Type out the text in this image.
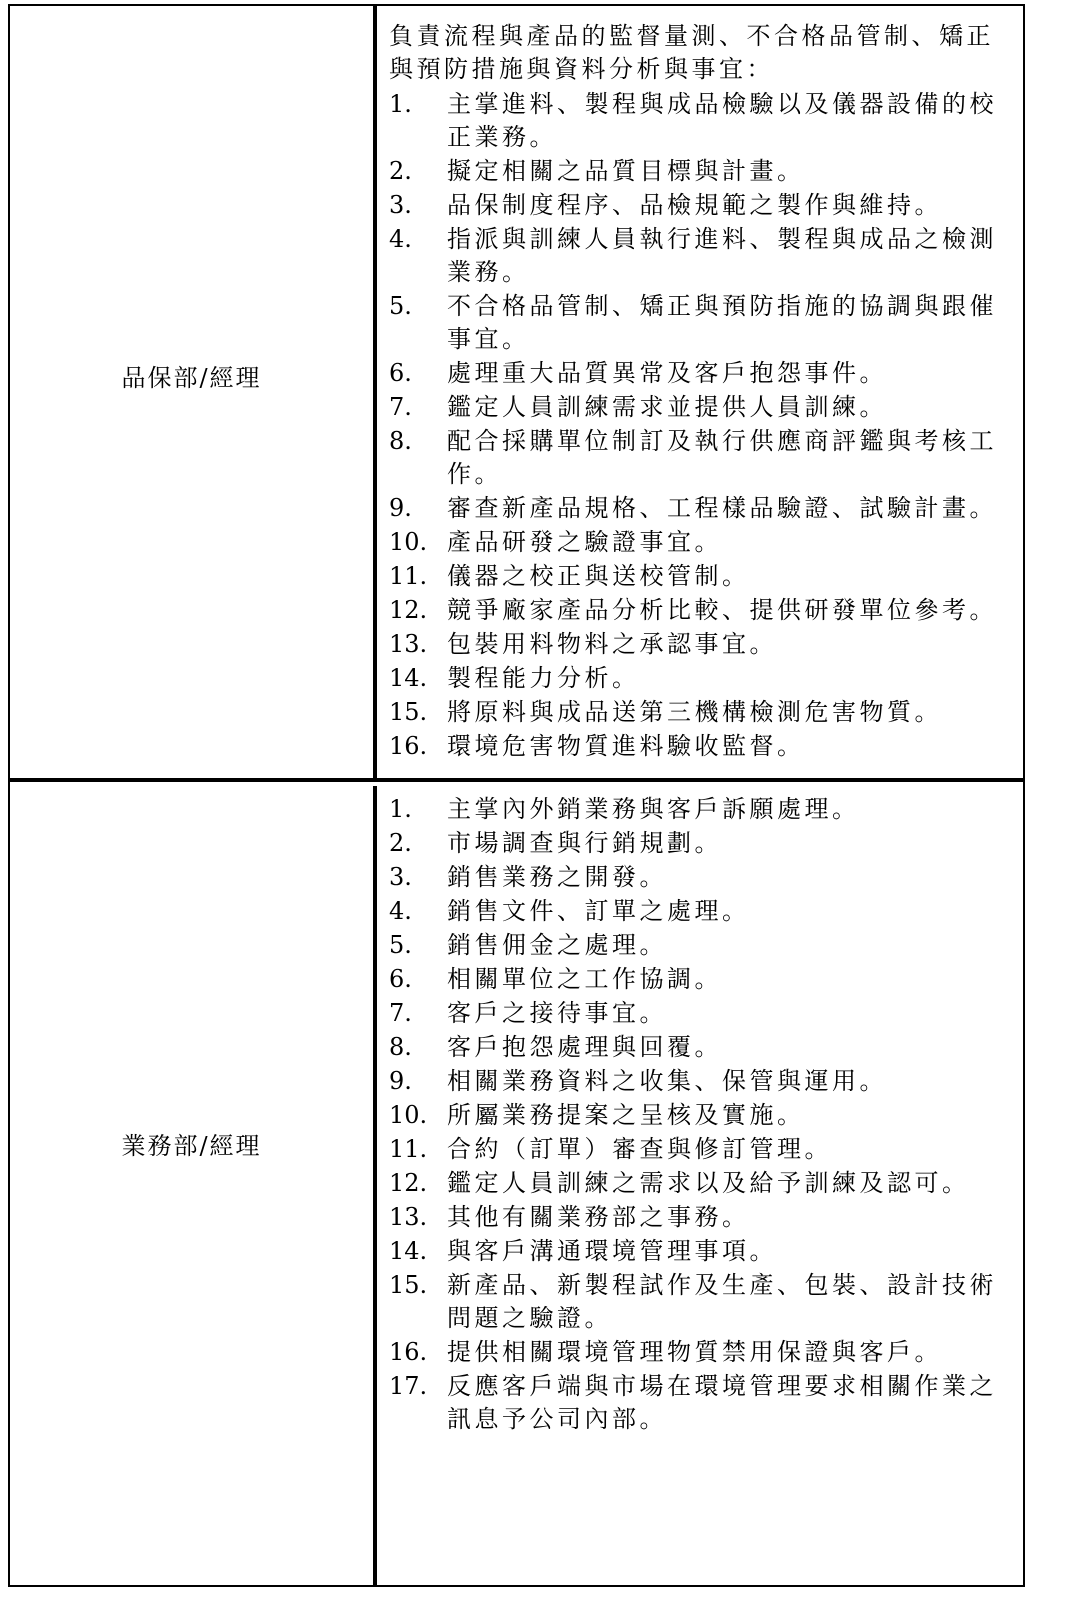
品保部/經理
負責流程與產品的監督量測、不合格品管制、矯正與預防措施與資料分析與事宜：
1. 主掌進料、製程與成品檢驗以及儀器設備的校正業務。
2. 擬定相關之品質目標與計畫。
3. 品保制度程序、品檢規範之製作與維持。
4. 指派與訓練人員執行進料、製程與成品之檢測業務。
5. 不合格品管制、矯正與預防指施的協調與跟催事宜。
6. 處理重大品質異常及客戶抱怨事件。
7. 鑑定人員訓練需求並提供人員訓練。
8. 配合採購單位制訂及執行供應商評鑑與考核工作。
9. 審查新產品規格、工程樣品驗證、試驗計畫。
10. 產品研發之驗證事宜。
11. 儀器之校正與送校管制。
12. 競爭廠家產品分析比較、提供研發單位參考。
13. 包裝用料物料之承認事宜。
14. 製程能力分析。
15. 將原料與成品送第三機構檢測危害物質。
16. 環境危害物質進料驗收監督。
業務部/經理
1. 主掌內外銷業務與客戶訴願處理。
2. 市場調查與行銷規劃。
3. 銷售業務之開發。
4. 銷售文件、訂單之處理。
5. 銷售佣金之處理。
6. 相關單位之工作協調。
7. 客戶之接待事宜。
8. 客戶抱怨處理與回覆。
9. 相關業務資料之收集、保管與運用。
10. 所屬業務提案之呈核及實施。
11. 合約（訂單）審查與修訂管理。
12. 鑑定人員訓練之需求以及給予訓練及認可。
13. 其他有關業務部之事務。
14. 與客戶溝通環境管理事項。
15. 新產品、新製程試作及生產、包裝、設計技術問題之驗證。
16. 提供相關環境管理物質禁用保證與客戶。
17. 反應客戶端與市場在環境管理要求相關作業之訊息予公司內部。
